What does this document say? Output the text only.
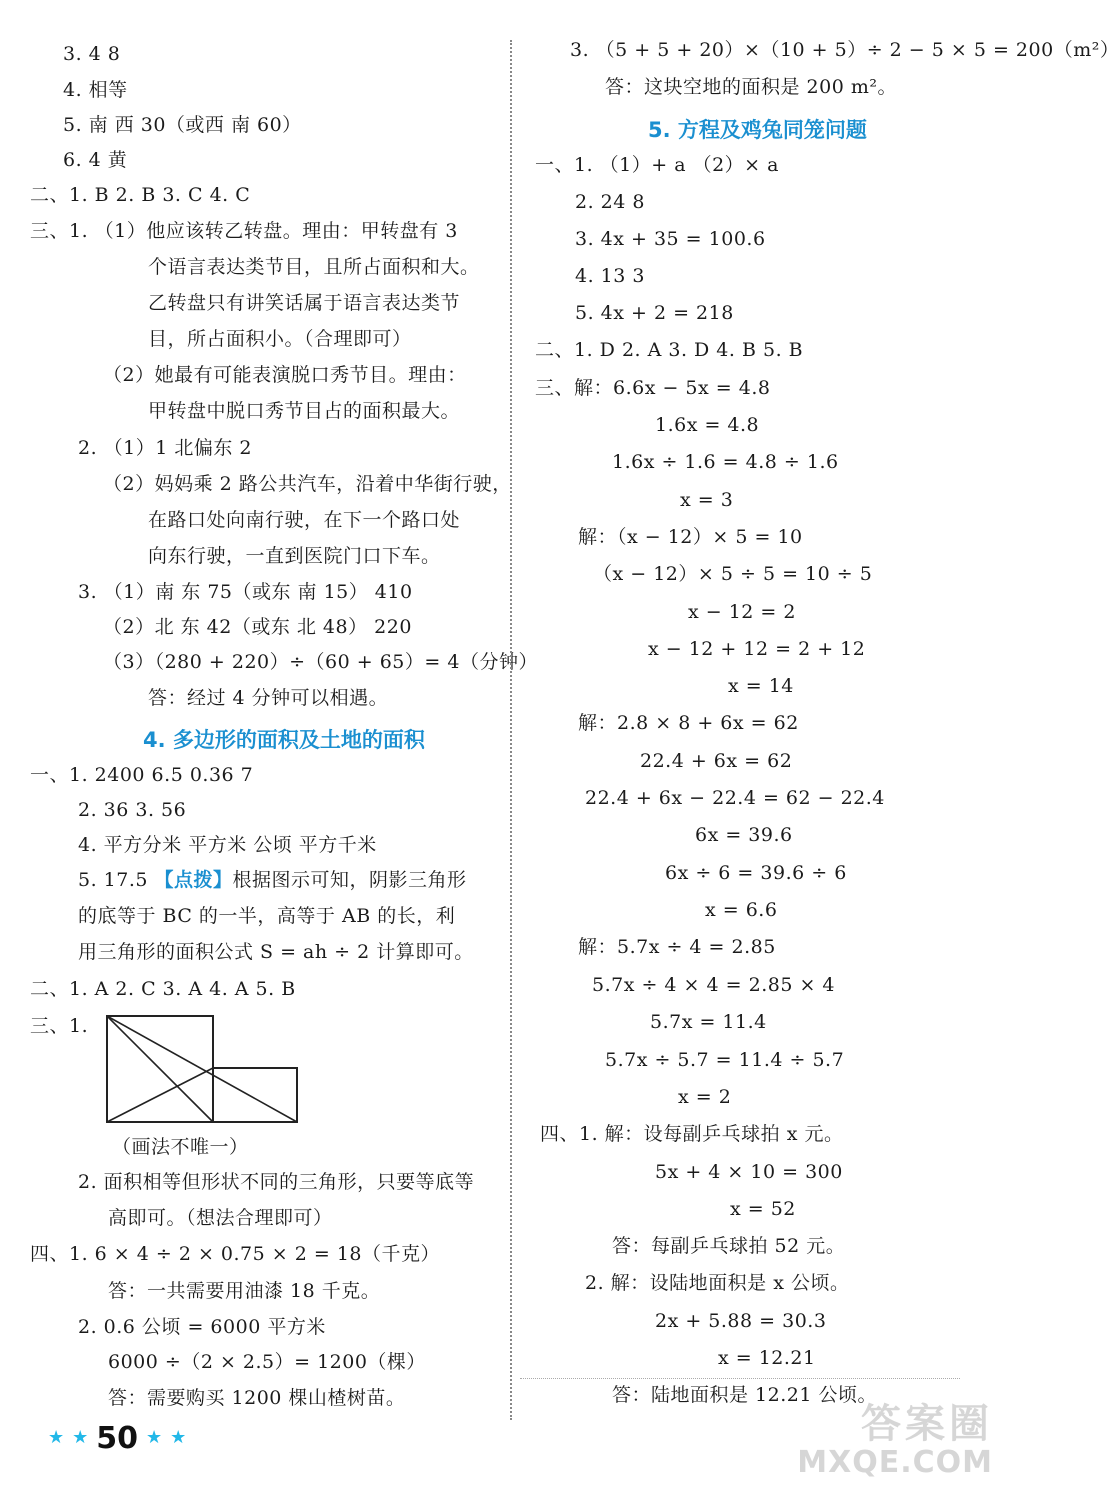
4. 多边形的面积及土地的面积
5. 方程及鸡兔同笼问题
5. 17.5 【点拨】根据图示可知，阴影三角形
3. 4 8
4. 相等
5. 南 西 30（或西 南 60）
6. 4 黄
二、1. B 2. B 3. C 4. C
三、1. （1）他应该转乙转盘。理由：甲转盘有 3
个语言表达类节目，且所占面积和大。
乙转盘只有讲笑话属于语言表达类节
目，所占面积小。（合理即可）
（2）她最有可能表演脱口秀节目。理由：
甲转盘中脱口秀节目占的面积最大。
2. （1）1 北偏东 2
（2）妈妈乘 2 路公共汽车，沿着中华街行驶，
在路口处向南行驶，在下一个路口处
向东行驶，一直到医院门口下车。
3. （1）南 东 75（或东 南 15） 410
（2）北 东 42（或东 北 48） 220
（3）（280 + 220）÷（60 + 65）= 4（分钟）
答：经过 4 分钟可以相遇。
一、1. 2400 6.5 0.36 7
2. 36 3. 56
4. 平方分米 平方米 公顷 平方千米
的底等于 BC 的一半，高等于 AB 的长，利
用三角形的面积公式 S = ah ÷ 2 计算即可。
二、1. A 2. C 3. A 4. A 5. B
三、1.
（画法不唯一）
2. 面积相等但形状不同的三角形，只要等底等
高即可。（想法合理即可）
四、1. 6 × 4 ÷ 2 × 0.75 × 2 = 18（千克）
答：一共需要用油漆 18 千克。
2. 0.6 公顷 = 6000 平方米
6000 ÷（2 × 2.5）= 1200（棵）
答：需要购买 1200 棵山楂树苗。
3. （5 + 5 + 20）×（10 + 5）÷ 2 − 5 × 5 = 200（m²）
答：这块空地的面积是 200 m²。
一、1. （1）+ a （2）× a
2. 24 8
3. 4x + 35 = 100.6
4. 13 3
5. 4x + 2 = 218
二、1. D 2. A 3. D 4. B 5. B
三、解：6.6x − 5x = 4.8
1.6x = 4.8
1.6x ÷ 1.6 = 4.8 ÷ 1.6
x = 3
解：（x − 12）× 5 = 10
（x − 12）× 5 ÷ 5 = 10 ÷ 5
x − 12 = 2
x − 12 + 12 = 2 + 12
x = 14
解：2.8 × 8 + 6x = 62
22.4 + 6x = 62
22.4 + 6x − 22.4 = 62 − 22.4
6x = 39.6
6x ÷ 6 = 39.6 ÷ 6
x = 6.6
解：5.7x ÷ 4 = 2.85
5.7x ÷ 4 × 4 = 2.85 × 4
5.7x = 11.4
5.7x ÷ 5.7 = 11.4 ÷ 5.7
x = 2
四、1. 解：设每副乒乓球拍 x 元。
5x + 4 × 10 = 300
x = 52
答：每副乒乓球拍 52 元。
2. 解：设陆地面积是 x 公顷。
2x + 5.88 = 30.3
x = 12.21
答：陆地面积是 12.21 公顷。
★ ★ 50 ★ ★	答案圈
MXQE.COM
